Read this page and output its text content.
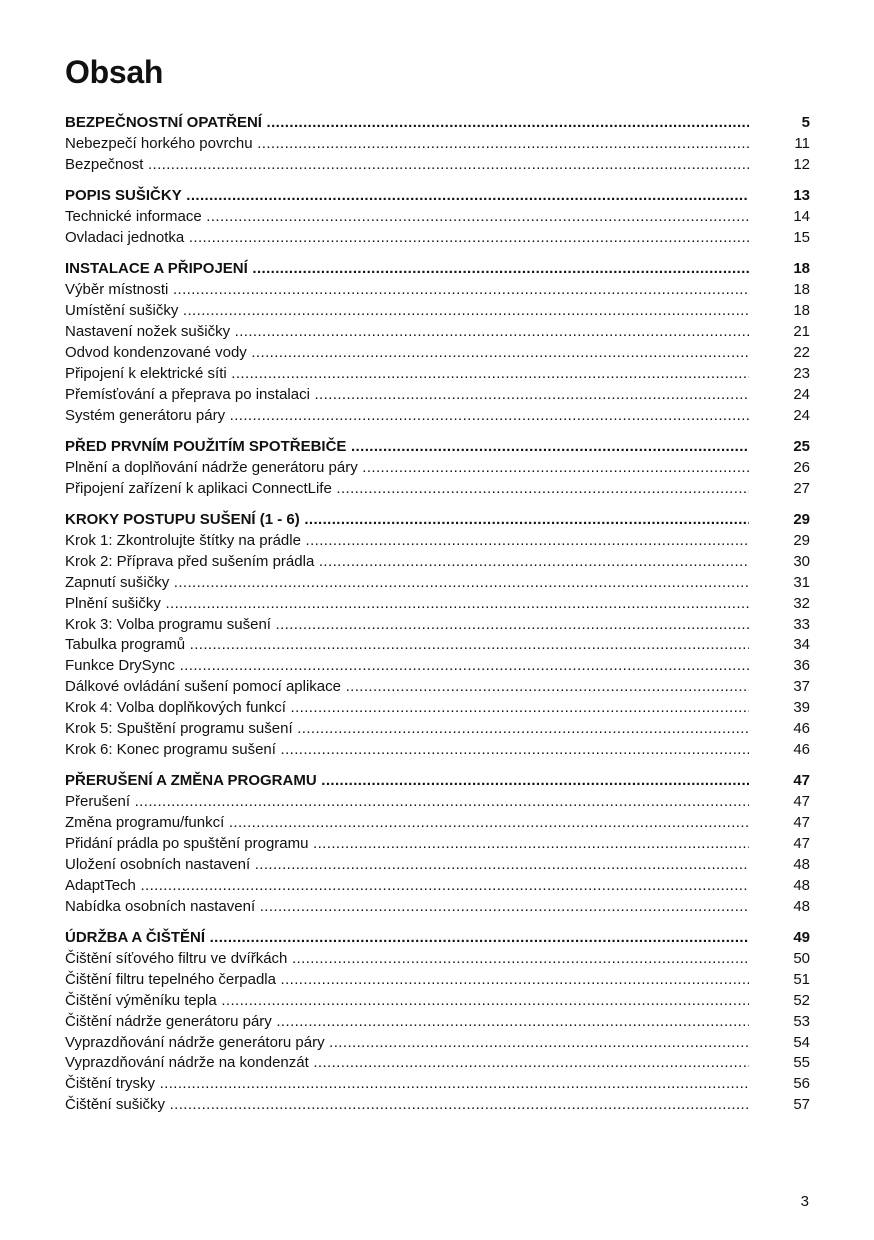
Obsah
BEZPEČNOSTNÍ OPATŘENÍ .....	5
Nebezpečí horkého povrchu .....	11
Bezpečnost .....	12
POPIS SUŠIČKY .....	13
Technické informace .....	14
Ovladaci jednotka .....	15
INSTALACE A PŘIPOJENÍ .....	18
Výběr místnosti .....	18
Umístění sušičky .....	18
Nastavení nožek sušičky .....	21
Odvod kondenzované vody .....	22
Připojení k elektrické síti .....	23
Přemísťování a přeprava po instalaci .....	24
Systém generátoru páry .....	24
PŘED PRVNÍM POUŽITÍM SPOTŘEBIČE .....	25
Plnění a doplňování nádrže generátoru páry .....	26
Připojení zařízení k aplikaci ConnectLife .....	27
KROKY POSTUPU SUŠENÍ (1 - 6) .....	29
Krok 1: Zkontrolujte štítky na prádle .....	29
Krok 2: Příprava před sušením prádla .....	30
Zapnutí sušičky .....	31
Plnění sušičky .....	32
Krok 3: Volba programu sušení .....	33
Tabulka programů .....	34
Funkce DrySync .....	36
Dálkové ovládání sušení pomocí aplikace .....	37
Krok 4: Volba doplňkových funkcí .....	39
Krok 5: Spuštění programu sušení .....	46
Krok 6: Konec programu sušení .....	46
PŘERUŠENÍ A ZMĚNA PROGRAMU .....	47
Přerušení .....	47
Změna programu/funkcí .....	47
Přidání prádla po spuštění programu .....	47
Uložení osobních nastavení .....	48
AdaptTech .....	48
Nabídka osobních nastavení .....	48
ÚDRŽBA A ČIŠTĚNÍ .....	49
Čištění síťového filtru ve dvířkách .....	50
Čištění filtru tepelného čerpadla .....	51
Čištění výměníku tepla .....	52
Čištění nádrže generátoru páry .....	53
Vyprazdňování nádrže generátoru páry .....	54
Vyprazdňování nádrže na kondenzát .....	55
Čištění trysky .....	56
Čištění sušičky .....	57
3
